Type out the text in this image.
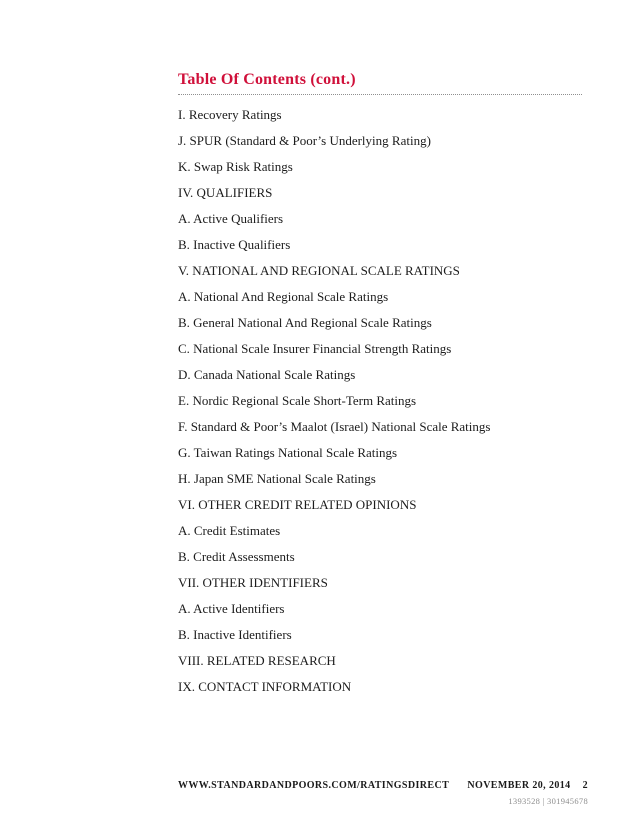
Table Of Contents (cont.)
I. Recovery Ratings
J. SPUR (Standard & Poor’s Underlying Rating)
K. Swap Risk Ratings
IV. QUALIFIERS
A. Active Qualifiers
B. Inactive Qualifiers
V. NATIONAL AND REGIONAL SCALE RATINGS
A. National And Regional Scale Ratings
B. General National And Regional Scale Ratings
C. National Scale Insurer Financial Strength Ratings
D. Canada National Scale Ratings
E. Nordic Regional Scale Short-Term Ratings
F. Standard & Poor’s Maalot (Israel) National Scale Ratings
G. Taiwan Ratings National Scale Ratings
H. Japan SME National Scale Ratings
VI. OTHER CREDIT RELATED OPINIONS
A. Credit Estimates
B. Credit Assessments
VII. OTHER IDENTIFIERS
A. Active Identifiers
B. Inactive Identifiers
VIII. RELATED RESEARCH
IX. CONTACT INFORMATION
WWW.STANDARDANDPOORS.COM/RATINGSDIRECT NOVEMBER 20, 2014 2
1393528 | 301945678
